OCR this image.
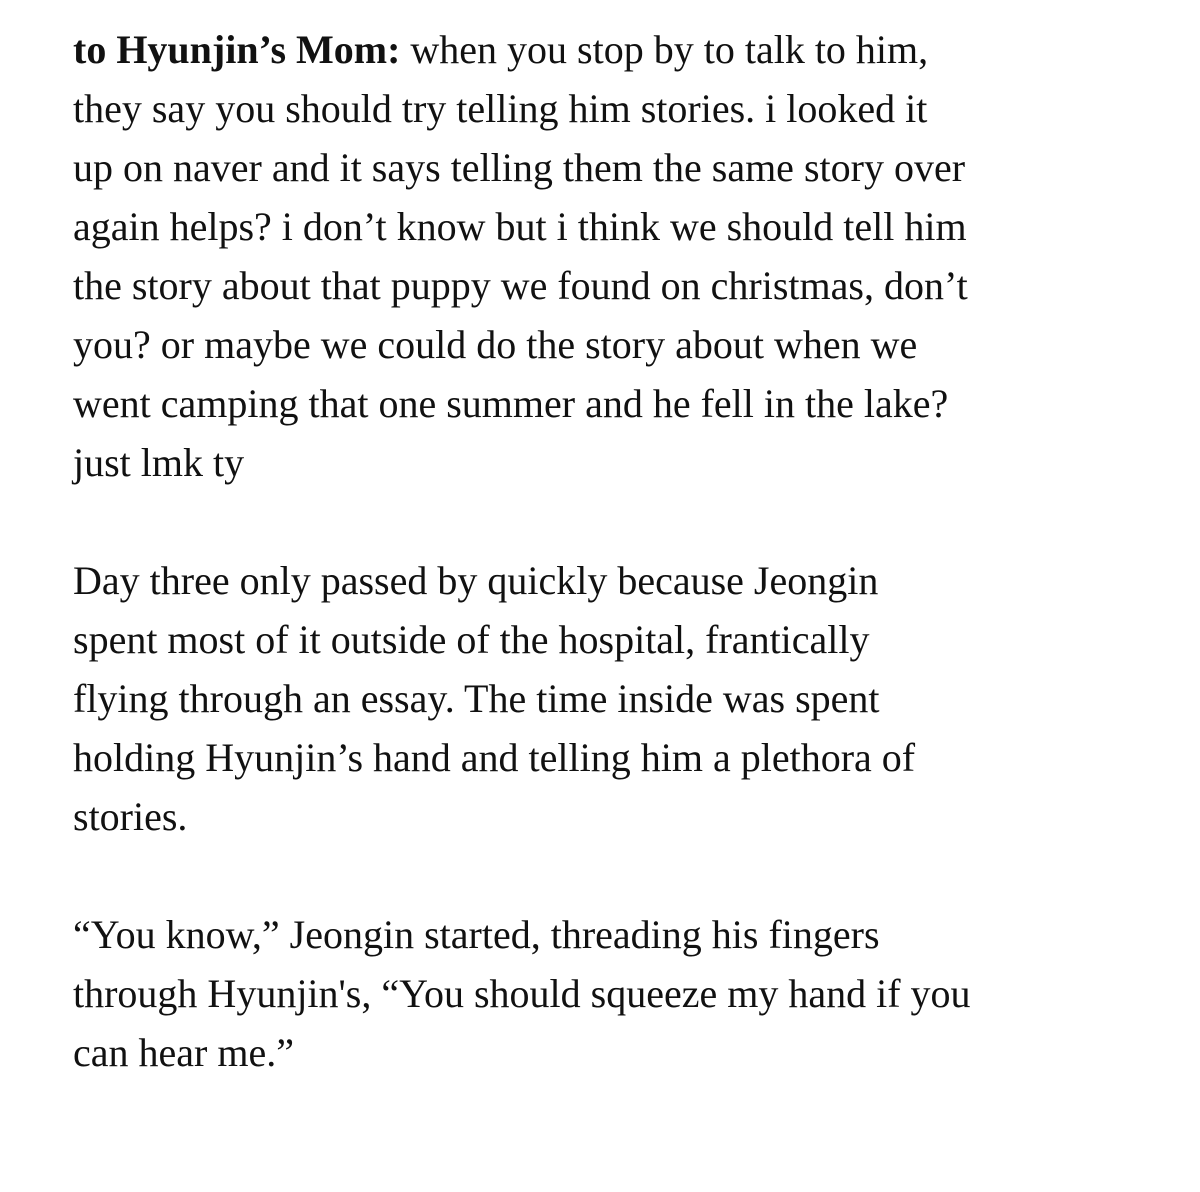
to Hyunjin’s Mom: when you stop by to talk to him,
they say you should try telling him stories. i looked it
up on naver and it says telling them the same story over
again helps? i don’t know but i think we should tell him
the story about that puppy we found on christmas, don’t
you? or maybe we could do the story about when we
went camping that one summer and he fell in the lake?
just lmk ty

Day three only passed by quickly because Jeongin
spent most of it outside of the hospital, frantically
flying through an essay. The time inside was spent
holding Hyunjin’s hand and telling him a plethora of
stories.

“You know,” Jeongin started, threading his fingers
through Hyunjin's, “You should squeeze my hand if you
can hear me.”
